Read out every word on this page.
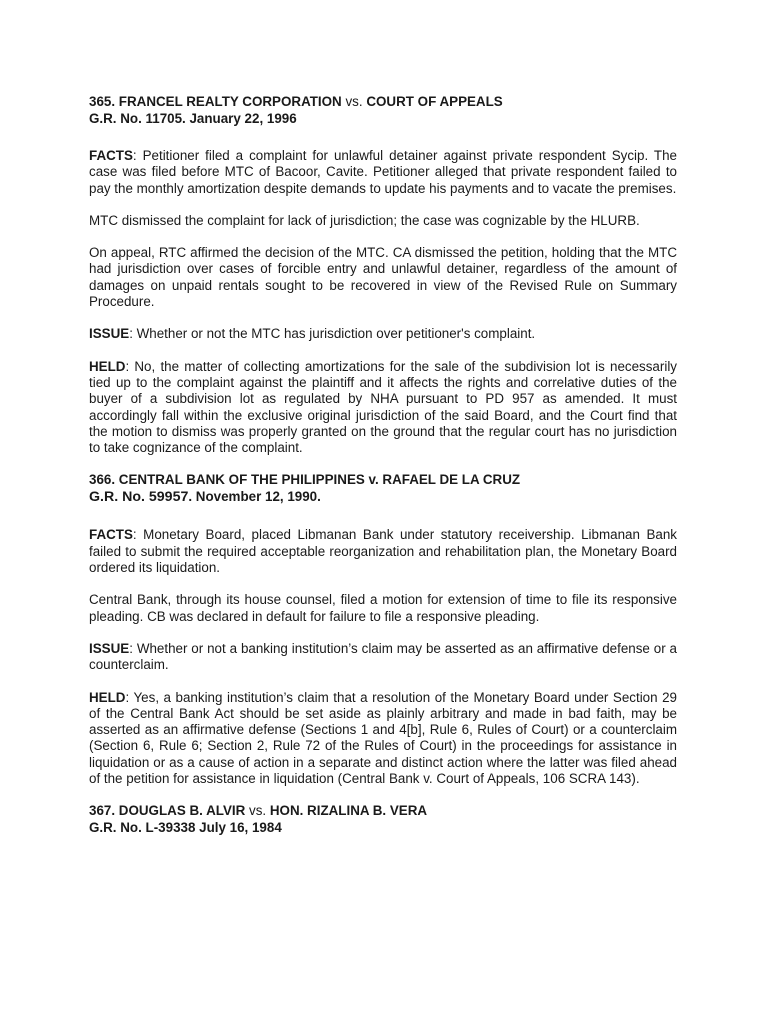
365. FRANCEL REALTY CORPORATION vs. COURT OF APPEALS
G.R. No. 11705. January 22, 1996

FACTS: Petitioner filed a complaint for unlawful detainer against private respondent Sycip. The case was filed before MTC of Bacoor, Cavite. Petitioner alleged that private respondent failed to pay the monthly amortization despite demands to update his payments and to vacate the premises.

MTC dismissed the complaint for lack of jurisdiction; the case was cognizable by the HLURB.

On appeal, RTC affirmed the decision of the MTC. CA dismissed the petition, holding that the MTC had jurisdiction over cases of forcible entry and unlawful detainer, regardless of the amount of damages on unpaid rentals sought to be recovered in view of the Revised Rule on Summary Procedure.

ISSUE: Whether or not the MTC has jurisdiction over petitioner's complaint.

HELD: No, the matter of collecting amortizations for the sale of the subdivision lot is necessarily tied up to the complaint against the plaintiff and it affects the rights and correlative duties of the buyer of a subdivision lot as regulated by NHA pursuant to PD 957 as amended. It must accordingly fall within the exclusive original jurisdiction of the said Board, and the Court find that the motion to dismiss was properly granted on the ground that the regular court has no jurisdiction to take cognizance of the complaint.

366. CENTRAL BANK OF THE PHILIPPINES v. RAFAEL DE LA CRUZ
G.R. No. 59957. November 12, 1990.

FACTS: Monetary Board, placed Libmanan Bank under statutory receivership. Libmanan Bank failed to submit the required acceptable reorganization and rehabilitation plan, the Monetary Board ordered its liquidation.

Central Bank, through its house counsel, filed a motion for extension of time to file its responsive pleading. CB was declared in default for failure to file a responsive pleading.

ISSUE: Whether or not a banking institution’s claim may be asserted as an affirmative defense or a counterclaim.

HELD: Yes, a banking institution’s claim that a resolution of the Monetary Board under Section 29 of the Central Bank Act should be set aside as plainly arbitrary and made in bad faith, may be asserted as an affirmative defense (Sections 1 and 4[b], Rule 6, Rules of Court) or a counterclaim (Section 6, Rule 6; Section 2, Rule 72 of the Rules of Court) in the proceedings for assistance in liquidation or as a cause of action in a separate and distinct action where the latter was filed ahead of the petition for assistance in liquidation (Central Bank v. Court of Appeals, 106 SCRA 143).

367. DOUGLAS B. ALVIR vs. HON. RIZALINA B. VERA
G.R. No. L-39338 July 16, 1984
